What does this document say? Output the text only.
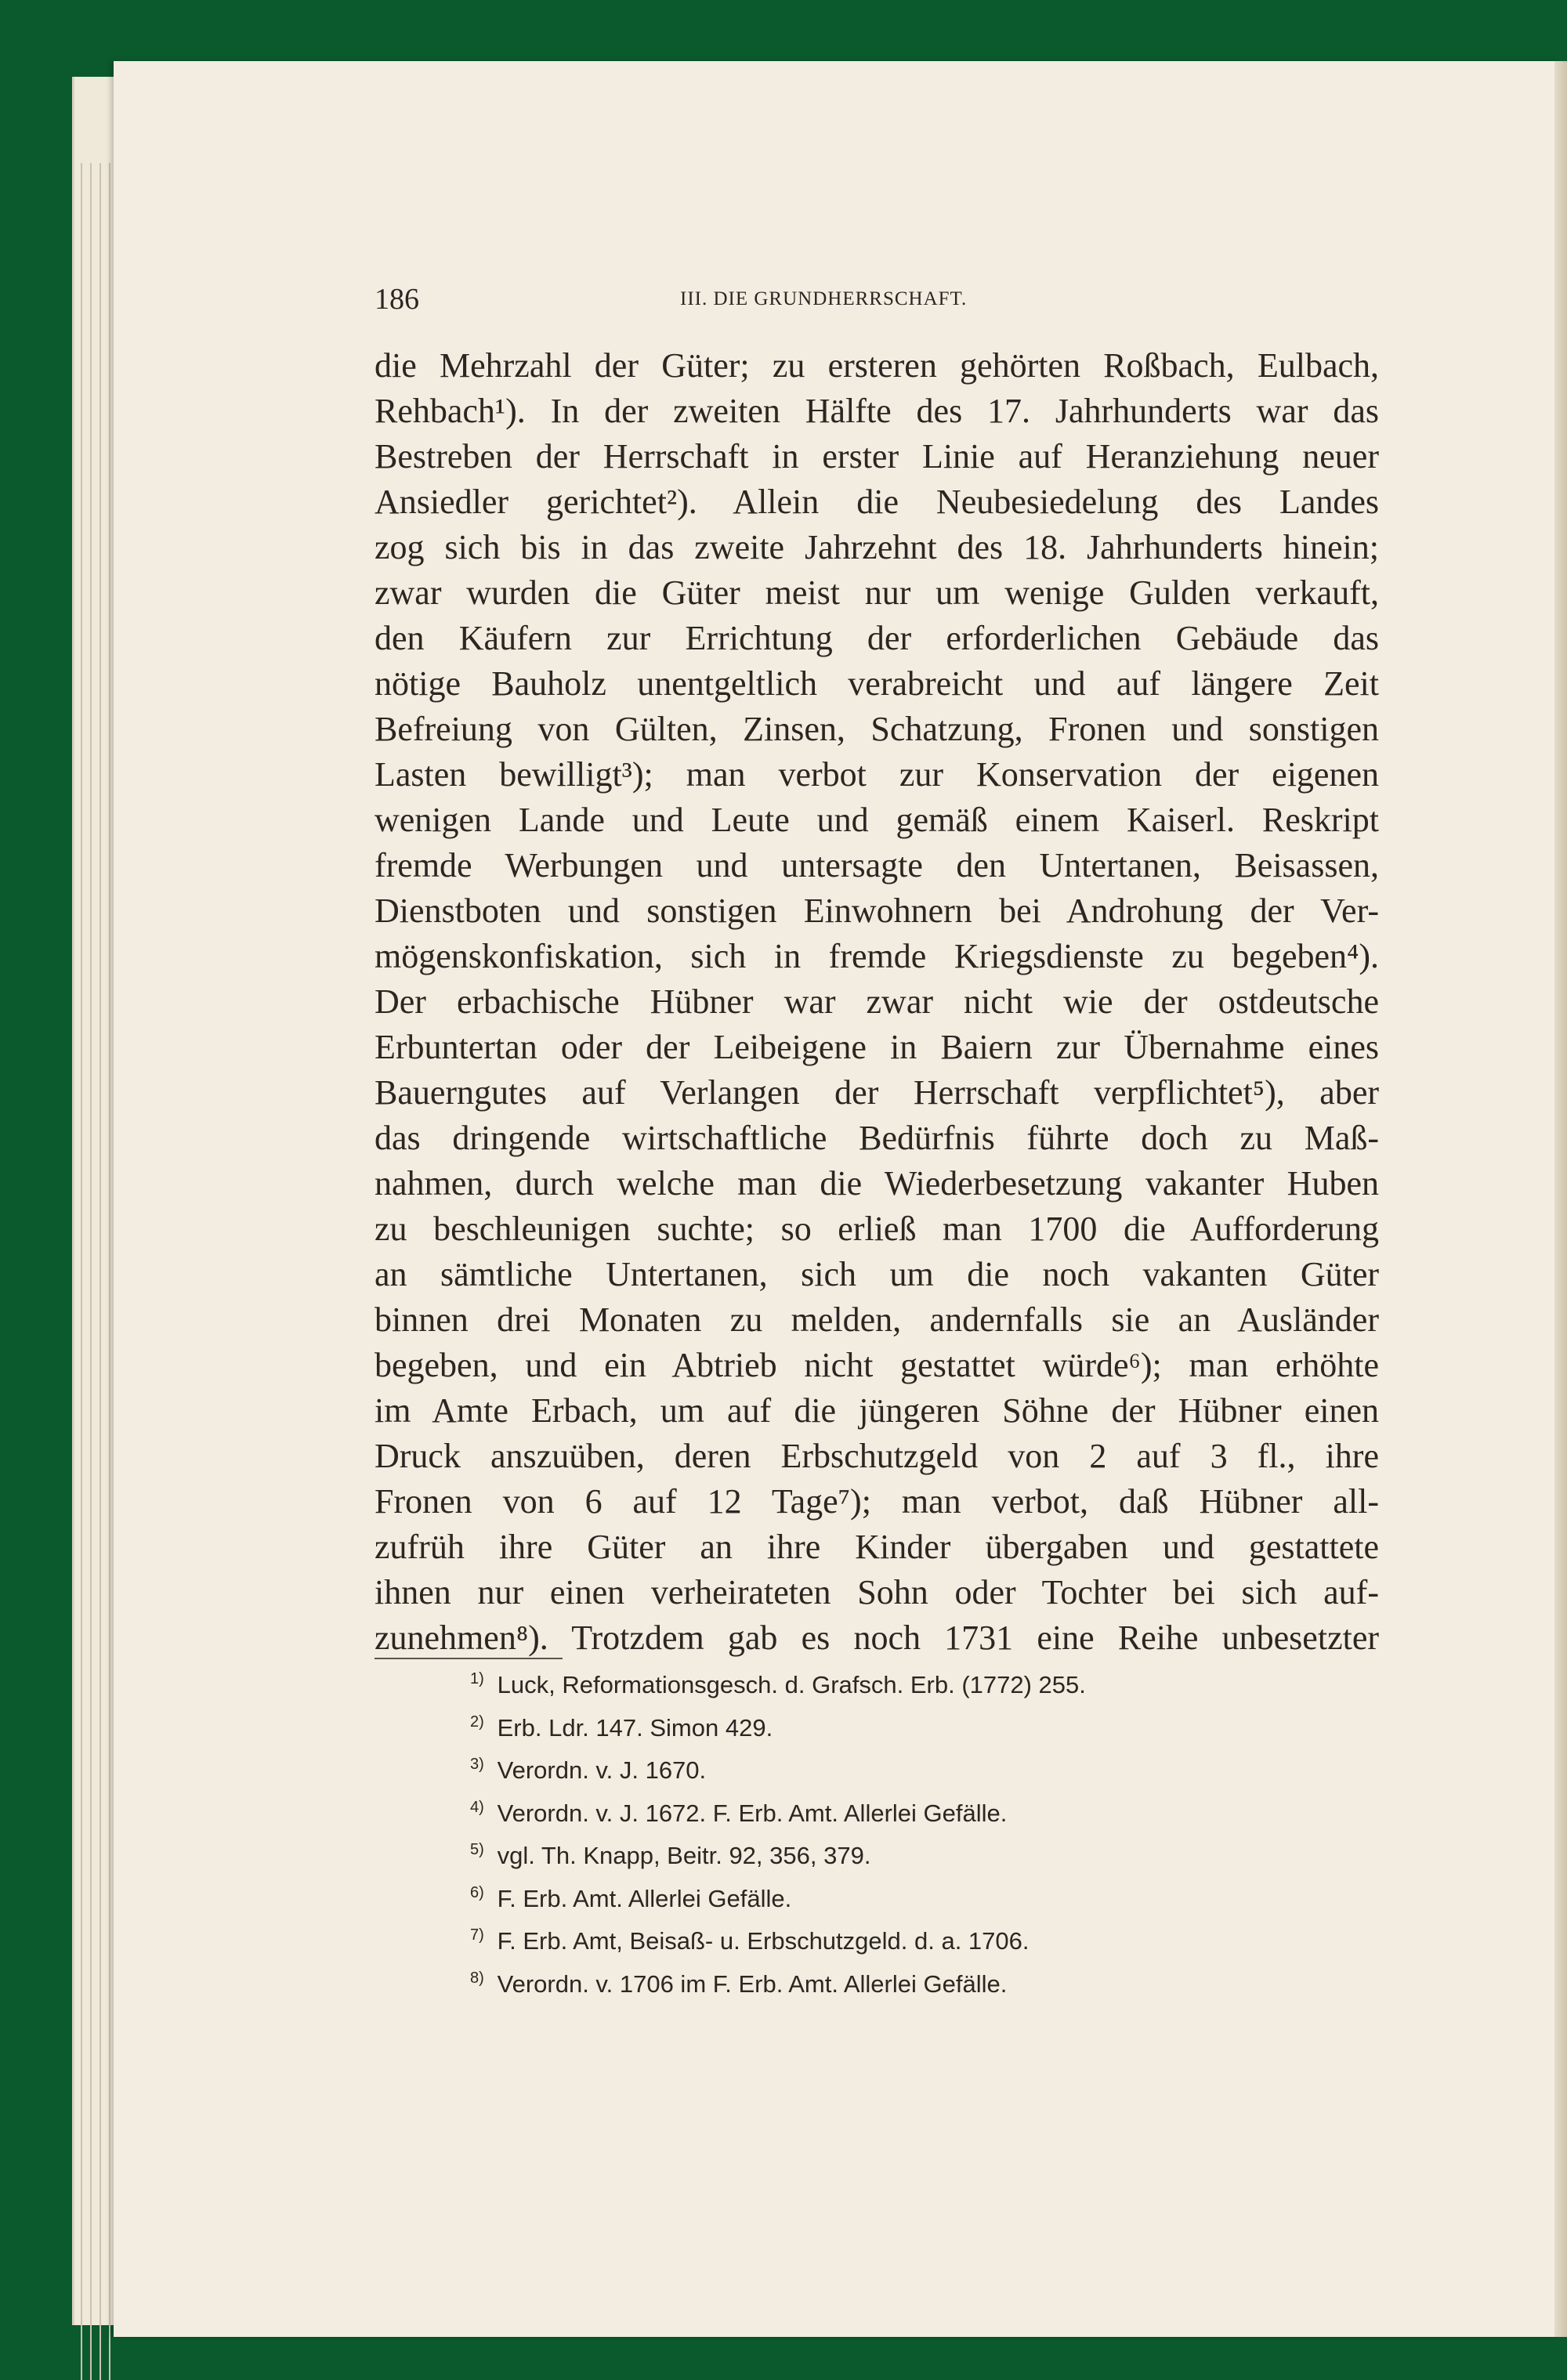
186	III. DIE GRUNDHERRSCHAFT.
die Mehrzahl der Güter; zu ersteren gehörten Roßbach, Eulbach,
Rehbach¹). In der zweiten Hälfte des 17. Jahrhunderts war das
Bestreben der Herrschaft in erster Linie auf Heranziehung neuer
Ansiedler gerichtet²). Allein die Neubesiedelung des Landes
zog sich bis in das zweite Jahrzehnt des 18. Jahrhunderts hinein;
zwar wurden die Güter meist nur um wenige Gulden verkauft,
den Käufern zur Errichtung der erforderlichen Gebäude das
nötige Bauholz unentgeltlich verabreicht und auf längere Zeit
Befreiung von Gülten, Zinsen, Schatzung, Fronen und sonstigen
Lasten bewilligt³); man verbot zur Konservation der eigenen
wenigen Lande und Leute und gemäß einem Kaiserl. Reskript
fremde Werbungen und untersagte den Untertanen, Beisassen,
Dienstboten und sonstigen Einwohnern bei Androhung der Ver-
mögenskonfiskation, sich in fremde Kriegsdienste zu begeben⁴).
Der erbachische Hübner war zwar nicht wie der ostdeutsche
Erbuntertan oder der Leibeigene in Baiern zur Übernahme eines
Bauerngutes auf Verlangen der Herrschaft verpflichtet⁵), aber
das dringende wirtschaftliche Bedürfnis führte doch zu Maß-
nahmen, durch welche man die Wiederbesetzung vakanter Huben
zu beschleunigen suchte; so erließ man 1700 die Aufforderung
an sämtliche Untertanen, sich um die noch vakanten Güter
binnen drei Monaten zu melden, andernfalls sie an Ausländer
begeben, und ein Abtrieb nicht gestattet würde⁶); man erhöhte
im Amte Erbach, um auf die jüngeren Söhne der Hübner einen
Druck anszuüben, deren Erbschutzgeld von 2 auf 3 fl., ihre
Fronen von 6 auf 12 Tage⁷); man verbot, daß Hübner all-
zufrüh ihre Güter an ihre Kinder übergaben und gestattete
ihnen nur einen verheirateten Sohn oder Tochter bei sich auf-
zunehmen⁸). Trotzdem gab es noch 1731 eine Reihe unbesetzter
1) Luck, Reformationsgesch. d. Grafsch. Erb. (1772) 255.
2) Erb. Ldr. 147. Simon 429.
3) Verordn. v. J. 1670.
4) Verordn. v. J. 1672. F. Erb. Amt. Allerlei Gefälle.
5) vgl. Th. Knapp, Beitr. 92, 356, 379.
6) F. Erb. Amt. Allerlei Gefälle.
7) F. Erb. Amt, Beisaß- u. Erbschutzgeld. d. a. 1706.
8) Verordn. v. 1706 im F. Erb. Amt. Allerlei Gefälle.
